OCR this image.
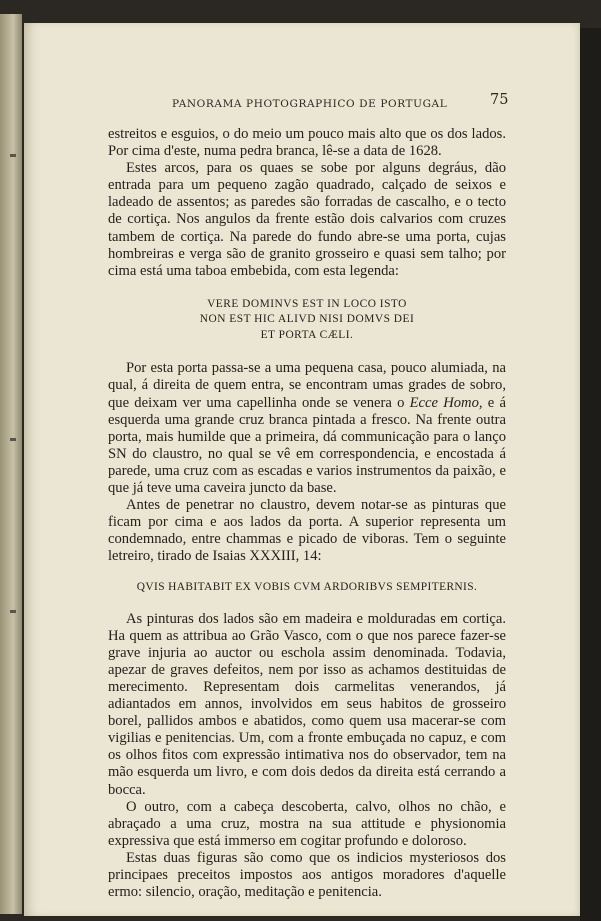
PANORAMA PHOTOGRAPHICO DE PORTUGAL	75

estreitos e esguios, o do meio um pouco mais alto que os dos lados. Por cima d'este, numa pedra branca, lê-se a data de 1628.

Estes arcos, para os quaes se sobe por alguns degráus, dão entrada para um pequeno zagão quadrado, calçado de seixos e ladeado de assentos; as paredes são forradas de cascalho, e o tecto de cortiça. Nos angulos da frente estão dois calvarios com cruzes tambem de cortiça. Na parede do fundo abre-se uma porta, cujas hombreiras e verga são de granito grosseiro e quasi sem talho; por cima está uma taboa embebida, com esta legenda:

VERE DOMINVS EST IN LOCO ISTO
NON EST HIC ALIVD NISI DOMVS DEI
ET PORTA CÆLI.

Por esta porta passa-se a uma pequena casa, pouco alumiada, na qual, á direita de quem entra, se encontram umas grades de sobro, que deixam ver uma capellinha onde se venera o Ecce Homo, e á esquerda uma grande cruz branca pintada a fresco. Na frente outra porta, mais humilde que a primeira, dá communicação para o lanço SN do claustro, no qual se vê em correspondencia, e encostada á parede, uma cruz com as escadas e varios instrumentos da paixão, e que já teve uma caveira juncto da base.

Antes de penetrar no claustro, devem notar-se as pinturas que ficam por cima e aos lados da porta. A superior representa um condemnado, entre chammas e picado de viboras. Tem o seguinte letreiro, tirado de Isaias XXXIII, 14:

QVIS HABITABIT EX VOBIS CVM ARDORIBVS SEMPITERNIS.

As pinturas dos lados são em madeira e molduradas em cortiça. Ha quem as attribua ao Grão Vasco, com o que nos parece fazer-se grave injuria ao auctor ou eschola assim denominada. Todavia, apezar de graves defeitos, nem por isso as achamos destituidas de merecimento. Representam dois carmelitas venerandos, já adiantados em annos, involvidos em seus habitos de grosseiro borel, pallidos ambos e abatidos, como quem usa macerar-se com vigilias e penitencias. Um, com a fronte embuçada no capuz, e com os olhos fitos com expressão intimativa nos do observador, tem na mão esquerda um livro, e com dois dedos da direita está cerrando a bocca.

O outro, com a cabeça descoberta, calvo, olhos no chão, e abraçado a uma cruz, mostra na sua attitude e physionomia expressiva que está immerso em cogitar profundo e doloroso.

Estas duas figuras são como que os indicios mysteriosos dos principaes preceitos impostos aos antigos moradores d'aquelle ermo: silencio, oração, meditação e penitencia.
